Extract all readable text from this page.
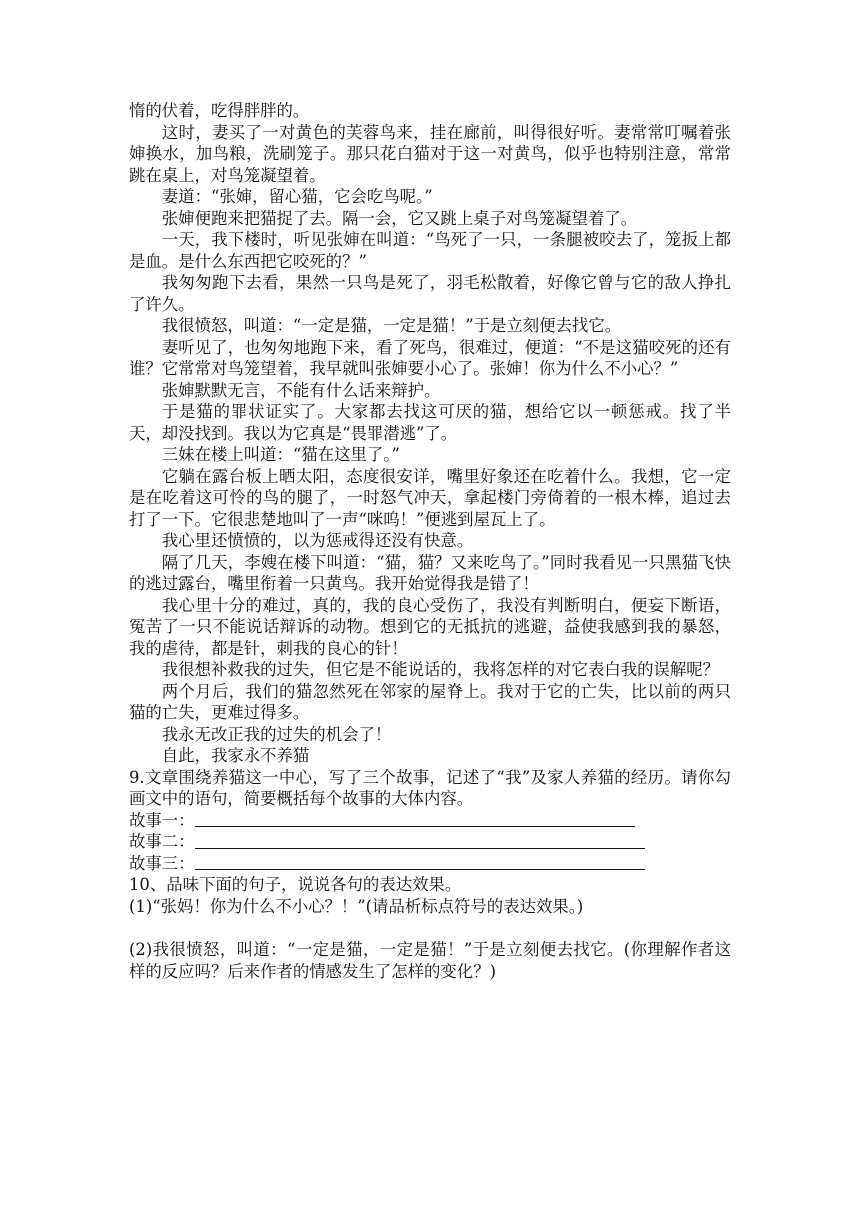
惰的伏着，吃得胖胖的。

这时，妻买了一对黄色的芙蓉鸟来，挂在廊前，叫得很好听。妻常常叮嘱着张婶换水，加鸟粮，洗刷笼子。那只花白猫对于这一对黄鸟，似乎也特别注意，常常跳在桌上，对鸟笼凝望着。

妻道：“张婶，留心猫，它会吃鸟呢。”

张婶便跑来把猫捉了去。隔一会，它又跳上桌子对鸟笼凝望着了。

一天，我下楼时，听见张婶在叫道：“鸟死了一只，一条腿被咬去了，笼扳上都是血。是什么东西把它咬死的？”

我匆匆跑下去看，果然一只鸟是死了，羽毛松散着，好像它曾与它的敌人挣扎了许久。

我很愤怒，叫道：“一定是猫，一定是猫！”于是立刻便去找它。

妻听见了，也匆匆地跑下来，看了死鸟，很难过，便道：“不是这猫咬死的还有谁？它常常对鸟笼望着，我早就叫张婶要小心了。张婶！你为什么不小心？”

张婶默默无言，不能有什么话来辩护。

于是猫的罪状证实了。大家都去找这可厌的猫，想给它以一顿惩戒。找了半天，却没找到。我以为它真是“畏罪潜逃”了。

三妹在楼上叫道：“猫在这里了。”

它躺在露台板上晒太阳，态度很安详，嘴里好象还在吃着什么。我想，它一定是在吃着这可怜的鸟的腿了，一时怒气冲天，拿起楼门旁倚着的一根木棒，追过去打了一下。它很悲楚地叫了一声“咪呜！”便逃到屋瓦上了。

我心里还愤愤的，以为惩戒得还没有快意。

隔了几天，李嫂在楼下叫道：“猫，猫？又来吃鸟了。”同时我看见一只黑猫飞快的逃过露台，嘴里衔着一只黄鸟。我开始觉得我是错了！

我心里十分的难过，真的，我的良心受伤了，我没有判断明白，便妄下断语，冤苦了一只不能说话辩诉的动物。想到它的无抵抗的逃避，益使我感到我的暴怒，我的虐待，都是针，刺我的良心的针！

我很想补救我的过失，但它是不能说话的，我将怎样的对它表白我的误解呢？

两个月后，我们的猫忽然死在邻家的屋脊上。我对于它的亡失，比以前的两只猫的亡失，更难过得多。

我永无改正我的过失的机会了！

自此，我家永不养猫

9.文章围绕养猫这一中心，写了三个故事，记述了“我”及家人养猫的经历。请你勾画文中的语句，简要概括每个故事的大体内容。

故事一：
故事二：
故事三：

10、品味下面的句子，说说各句的表达效果。

(1)“张妈！你为什么不小心？！”(请品析标点符号的表达效果。)

(2)我很愤怒，叫道：“一定是猫，一定是猫！”于是立刻便去找它。(你理解作者这样的反应吗？后来作者的情感发生了怎样的变化？)
